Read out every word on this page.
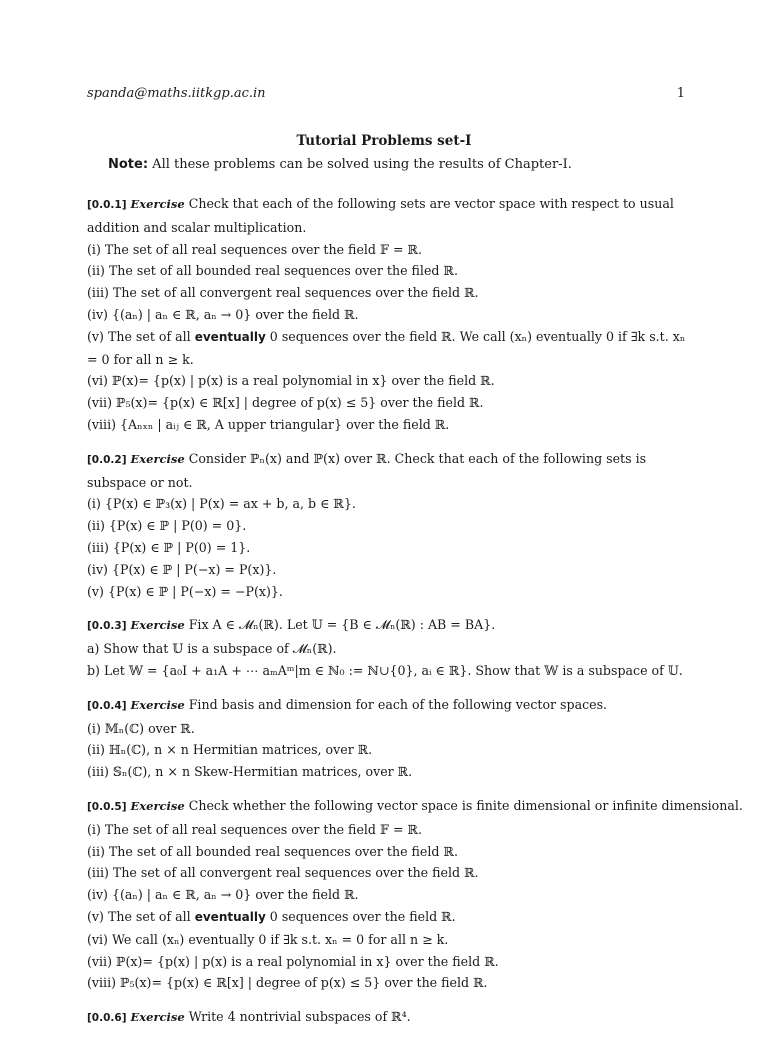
spanda@maths.iitkgp.ac.in	1
Tutorial Problems set-I
Note: All these problems can be solved using the results of Chapter-I.
[0.0.1] Exercise Check that each of the following sets are vector space with respect to usual addition and scalar multiplication.
(i) The set of all real sequences over the field 𝔽 = ℝ.
(ii) The set of all bounded real sequences over the filed ℝ.
(iii) The set of all convergent real sequences over the field ℝ.
(iv) {(aₙ) | aₙ ∈ ℝ, aₙ → 0} over the field ℝ.
(v) The set of all eventually 0 sequences over the field ℝ. We call (xₙ) eventually 0 if ∃k s.t. xₙ = 0 for all n ≥ k.
(vi) ℙ(x)= {p(x) | p(x) is a real polynomial in x} over the field ℝ.
(vii) ℙ₅(x)= {p(x) ∈ ℝ[x] | degree of p(x) ≤ 5} over the field ℝ.
(viii) {Aₙₓₙ | aᵢⱼ ∈ ℝ, A upper triangular} over the field ℝ.
[0.0.2] Exercise Consider ℙₙ(x) and ℙ(x) over ℝ. Check that each of the following sets is subspace or not.
(i) {P(x) ∈ ℙ₃(x) | P(x) = ax + b, a, b ∈ ℝ}.
(ii) {P(x) ∈ ℙ | P(0) = 0}.
(iii) {P(x) ∈ ℙ | P(0) = 1}.
(iv) {P(x) ∈ ℙ | P(−x) = P(x)}.
(v) {P(x) ∈ ℙ | P(−x) = −P(x)}.
[0.0.3] Exercise Fix A ∈ 𝓜ₙ(ℝ). Let 𝕌 = {B ∈ 𝓜ₙ(ℝ) : AB = BA}.
a) Show that 𝕌 is a subspace of 𝓜ₙ(ℝ).
b) Let 𝕎 = {a₀I + a₁A + ⋯ aₘAᵐ|m ∈ ℕ₀ := ℕ∪{0}, aᵢ ∈ ℝ}. Show that 𝕎 is a subspace of 𝕌.
[0.0.4] Exercise Find basis and dimension for each of the following vector spaces.
(i) 𝕄ₙ(ℂ) over ℝ.
(ii) ℍₙ(ℂ), n × n Hermitian matrices, over ℝ.
(iii) 𝕊ₙ(ℂ), n × n Skew-Hermitian matrices, over ℝ.
[0.0.5] Exercise Check whether the following vector space is finite dimensional or infinite dimensional.
(i) The set of all real sequences over the field 𝔽 = ℝ.
(ii) The set of all bounded real sequences over the field ℝ.
(iii) The set of all convergent real sequences over the field ℝ.
(iv) {(aₙ) | aₙ ∈ ℝ, aₙ → 0} over the field ℝ.
(v) The set of all eventually 0 sequences over the field ℝ.
(vi) We call (xₙ) eventually 0 if ∃k s.t. xₙ = 0 for all n ≥ k.
(vii) ℙ(x)= {p(x) | p(x) is a real polynomial in x} over the field ℝ.
(viii) ℙ₅(x)= {p(x) ∈ ℝ[x] | degree of p(x) ≤ 5} over the field ℝ.
[0.0.6] Exercise Write 4 nontrivial subspaces of ℝ⁴.
